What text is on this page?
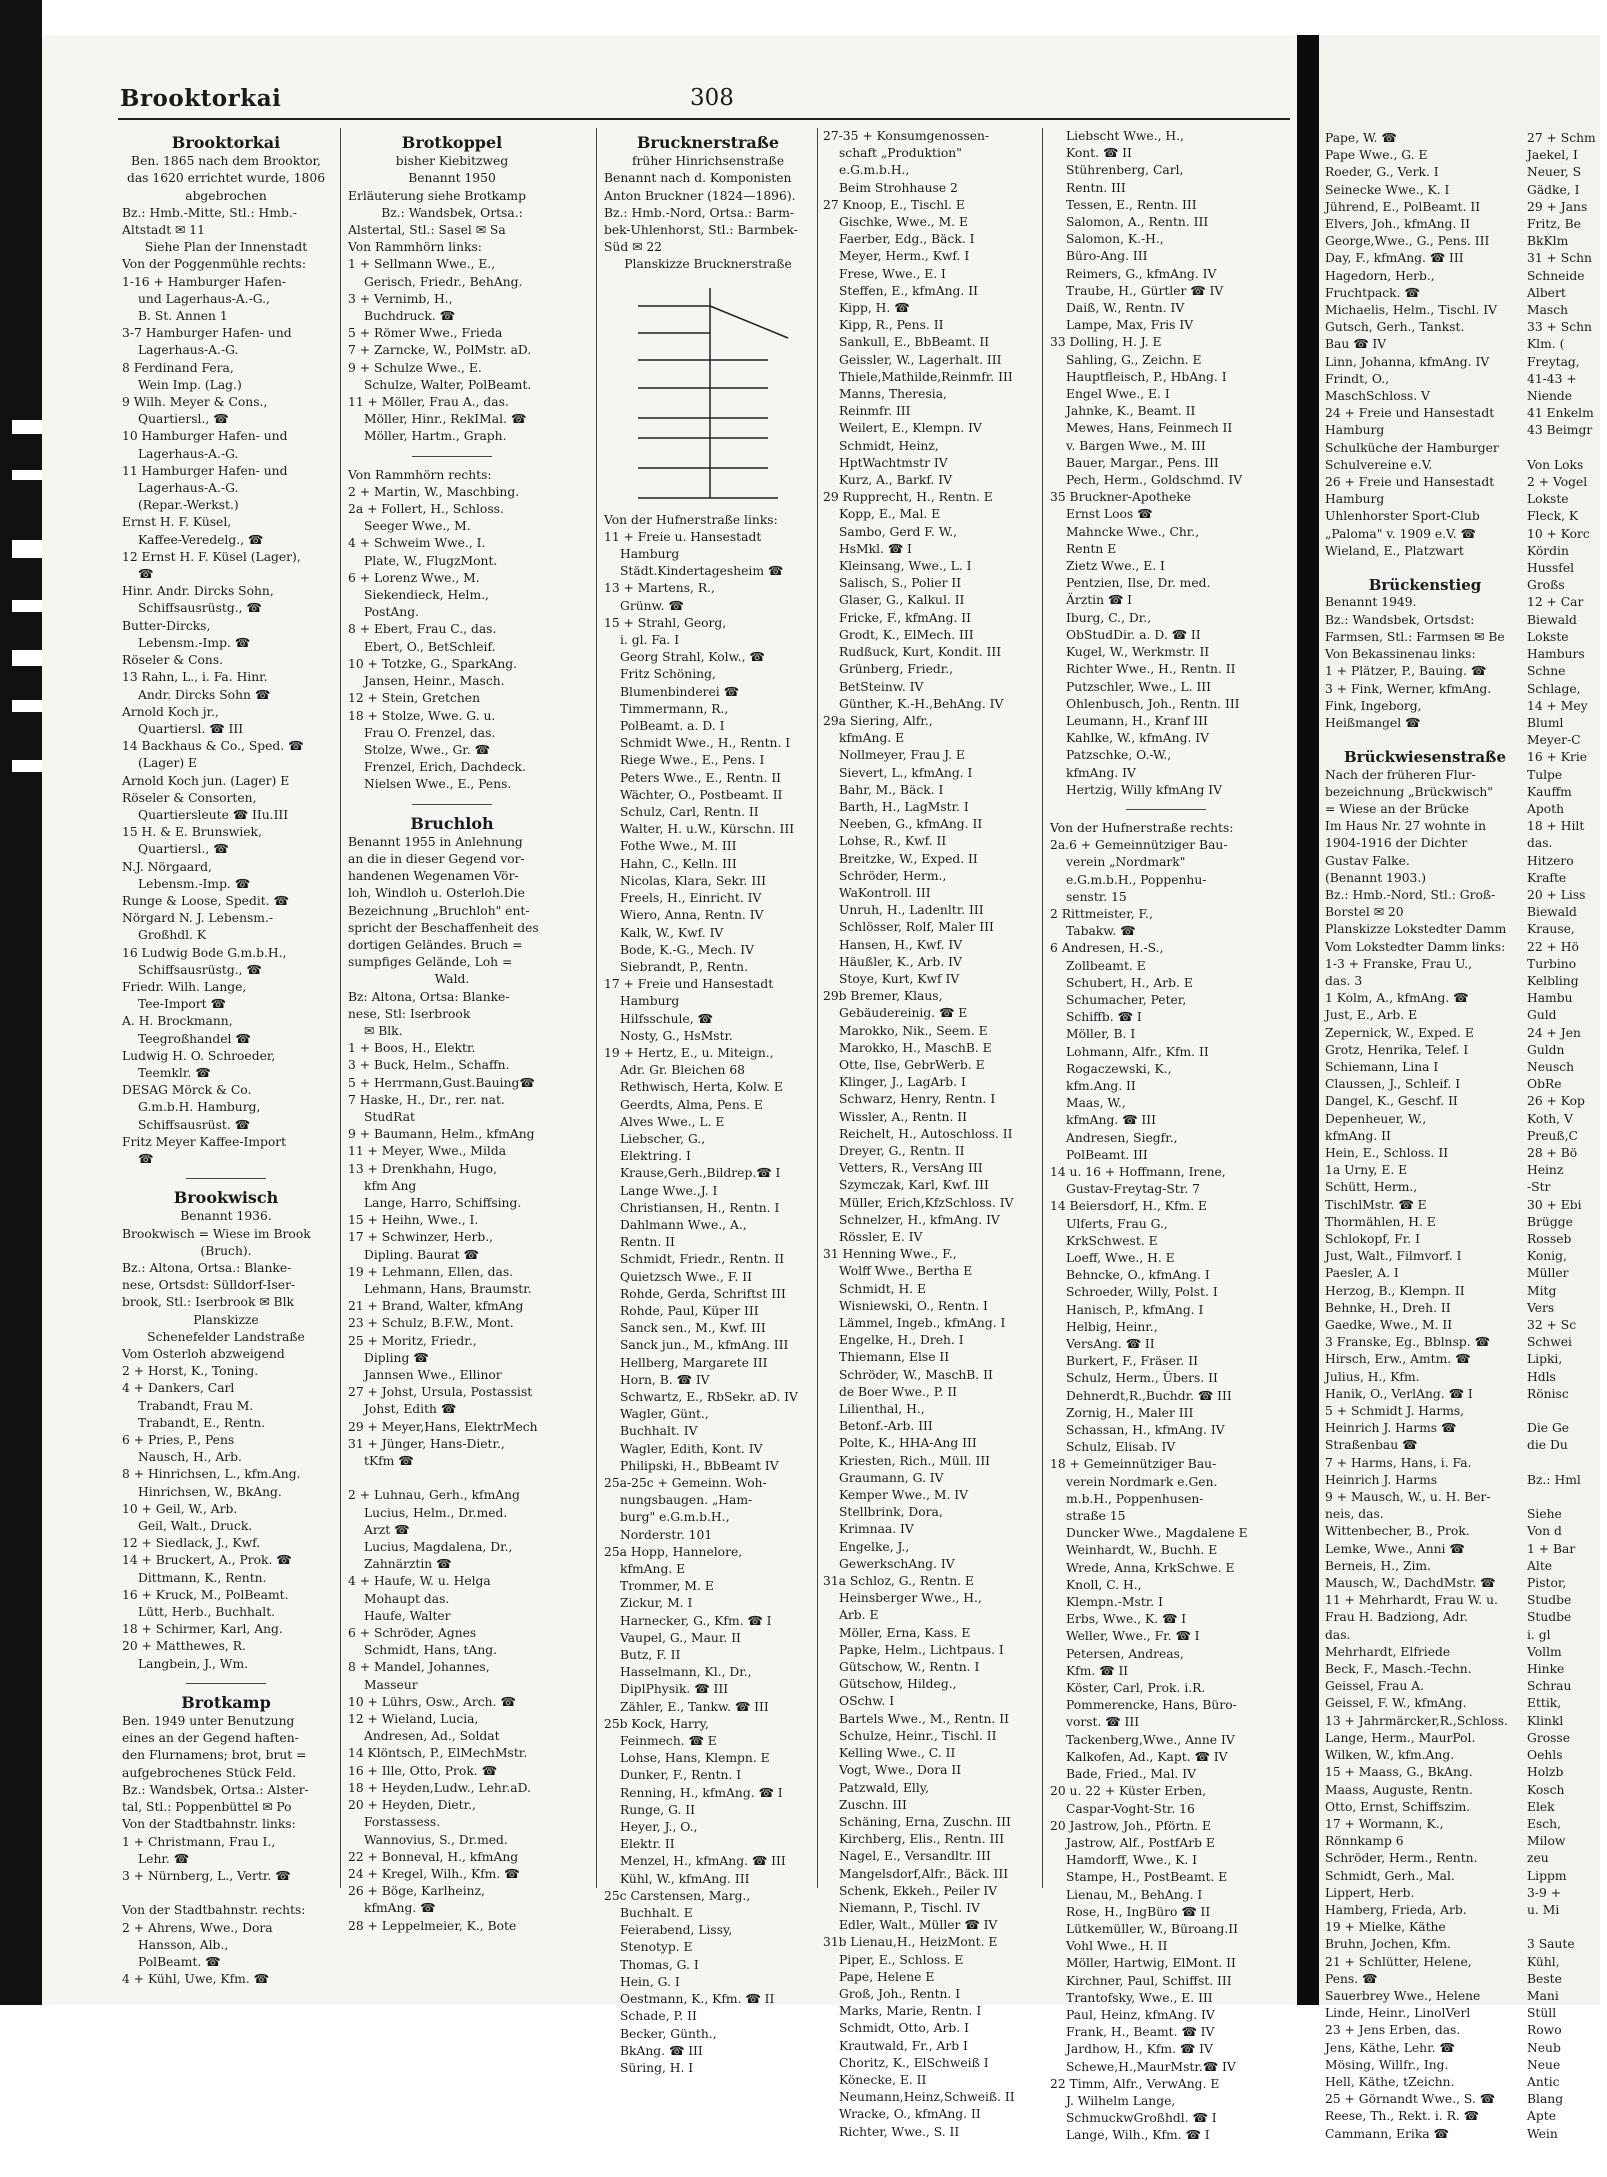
Pape, W. ☎
Pape Wwe., G. E
Roeder, G., Verk. I
Seinecke Wwe., K. I
Jührend, E., PolBeamt. II
Elvers, Joh., kfmAng. II
George,Wwe., G., Pens. III
Day, F., kfmAng. ☎ III
Hagedorn, Herb.,
Fruchtpack. ☎
Michaelis, Helm., Tischl. IV
Gutsch, Gerh., Tankst.
Bau ☎ IV
Linn, Johanna, kfmAng. IV
Frindt, O.,
MaschSchloss. V
24 + Freie und Hansestadt
Hamburg
Schulküche der Hamburger
Schulvereine e.V.
26 + Freie und Hansestadt
Hamburg
Uhlenhorster Sport-Club
„Paloma" v. 1909 e.V. ☎
Wieland, E., Platzwart

Brückenstieg
Benannt 1949.
Bz.: Wandsbek, Ortsdst:
Farmsen, Stl.: Farmsen ✉ Be
Von Bekassinenau links:
1 + Plätzer, P., Bauing. ☎
3 + Fink, Werner, kfmAng.
Fink, Ingeborg,
Heißmangel ☎

Brückwiesenstraße
Nach der früheren Flur-
bezeichnung „Brückwisch"
= Wiese an der Brücke
Im Haus Nr. 27 wohnte in
1904-1916 der Dichter
Gustav Falke.
(Benannt 1903.)
Bz.: Hmb.-Nord, Stl.: Groß-
Borstel ✉ 20
Planskizze Lokstedter Damm
Vom Lokstedter Damm links:
1-3 + Franske, Frau U.,
das. 3
1 Kolm, A., kfmAng. ☎
Just, E., Arb. E
Zepernick, W., Exped. E
Grotz, Henrika, Telef. I
Schiemann, Lina I
Claussen, J., Schleif. I
Dangel, K., Geschf. II
Depenheuer, W.,
kfmAng. II
Hein, E., Schloss. II
1a Urny, E. E
Schütt, Herm.,
TischlMstr. ☎ E
Thormählen, H. E
Schlokopf, Fr. I
Just, Walt., Filmvorf. I
Paesler, A. I
Herzog, B., Klempn. II
Behnke, H., Dreh. II
Gaedke, Wwe., M. II
3 Franske, Eg., Bblnsp. ☎
Hirsch, Erw., Amtm. ☎
Julius, H., Kfm.
Hanik, O., VerlAng. ☎ I
5 + Schmidt J. Harms,
Heinrich J. Harms ☎
Straßenbau ☎
7 + Harms, Hans, i. Fa.
Heinrich J. Harms
9 + Mausch, W., u. H. Ber-
neis, das.
Wittenbecher, B., Prok.
Lemke, Wwe., Anni ☎
Berneis, H., Zim.
Mausch, W., DachdMstr. ☎
11 + Mehrhardt, Frau W. u.
Frau H. Badziong, Adr.
das.
Mehrhardt, Elfriede
Beck, F., Masch.-Techn.
Geissel, Frau A.
Geissel, F. W., kfmAng.
13 + Jahrmärcker,R.,Schloss.
Lange, Herm., MaurPol.
Wilken, W., kfm.Ang.
15 + Maass, G., BkAng.
Maass, Auguste, Rentn.
Otto, Ernst, Schiffszim.
17 + Wormann, K.,
Rönnkamp 6
Schröder, Herm., Rentn.
Schmidt, Gerh., Mal.
Lippert, Herb.
Hamberg, Frieda, Arb.
19 + Mielke, Käthe
Bruhn, Jochen, Kfm.
21 + Schlütter, Helene,
Pens. ☎
Sauerbrey Wwe., Helene
Linde, Heinr., LinolVerl
23 + Jens Erben, das.
Jens, Käthe, Lehr. ☎
Mösing, Willfr., Ing.
Hell, Käthe, tZeichn.
25 + Görnandt Wwe., S. ☎
Reese, Th., Rekt. i. R. ☎
Cammann, Erika ☎
27 + Schm
Jaekel, I
Neuer, S
Gädke, I
29 + Jans
Fritz, Be
BkKlm
31 + Schn
Schneide
Albert
Masch
33 + Schn
Klm. (
Freytag,
41-43 +
Niende
41 Enkelm
43 Beimgr

Von Loks
2 + Vogel
Lokste
Fleck, K
10 + Korc
Kördin
Hussfel
Großs
12 + Car
Biewald
Lokste
Hamburs
Schne
Schlage,
14 + Mey
Bluml
Meyer-C
16 + Krie
Tulpe
Kauffm
Apoth
18 + Hilt
das.
Hitzero
Krafte
20 + Liss
Biewald
Krause,
22 + Hö
Turbino
Kelbling
Hambu
Guld
24 + Jen
Guldn
Neusch
ObRe
26 + Kop
Koth, V
Preuß,C
28 + Bö
Heinz
-Str
30 + Ebi
Brügge
Rosseb
Konig,
Müller
Mitg
Vers
32 + Sc
Schwei
Lipki,
Hdls
Rönisc

Die Ge
die Du

Bz.: Hml

Siehe
Von d
1 + Bar
Alte
Pistor,
Studbe
Studbe
i. gl
Vollm
Hinke
Schrau
Ettik,
Klinkl
Grosse
Oehls
Holzb
Kosch
Elek
Esch,
Milow
zeu
Lippm
3-9 +
u. Mi

3 Saute
Kühl,
Beste
Mani
Stüll
Rowo
Neub
Neue
Antic
Blang
Apte
Wein
Brooktorkai	308
Brooktorkai
Ben. 1865 nach dem Brooktor, das 1620 errichtet wurde, 1806 abgebrochen
Bz.: Hmb.-Mitte, Stl.: Hmb.-
Altstadt ✉ 11
Siehe Plan der Innenstadt
Von der Poggenmühle rechts:
1-16 + Hamburger Hafen-
und Lagerhaus-A.-G.,
B. St. Annen 1
3-7 Hamburger Hafen- und
Lagerhaus-A.-G.
8 Ferdinand Fera,
Wein Imp. (Lag.)
9 Wilh. Meyer & Cons.,
Quartiersl., ☎
10 Hamburger Hafen- und
Lagerhaus-A.-G.
11 Hamburger Hafen- und
Lagerhaus-A.-G.
(Repar.-Werkst.)
Ernst H. F. Küsel,
Kaffee-Veredelg., ☎
12 Ernst H. F. Küsel (Lager),
☎
Hinr. Andr. Dircks Sohn,
Schiffsausrüstg., ☎
Butter-Dircks,
Lebensm.-Imp. ☎
Röseler & Cons.
13 Rahn, L., i. Fa. Hinr.
Andr. Dircks Sohn ☎
Arnold Koch jr.,
Quartiersl. ☎ III
14 Backhaus & Co., Sped. ☎
(Lager) E
Arnold Koch jun. (Lager) E
Röseler & Consorten,
Quartiersleute ☎ IIu.III
15 H. & E. Brunswiek,
Quartiersl., ☎
N.J. Nörgaard,
Lebensm.-Imp. ☎
Runge & Loose, Spedit. ☎
Nörgard N. J. Lebensm.-
Großhdl. K
16 Ludwig Bode G.m.b.H.,
Schiffsausrüstg., ☎
Friedr. Wilh. Lange,
Tee-Import ☎
A. H. Brockmann,
Teegroßhandel ☎
Ludwig H. O. Schroeder,
Teemklr. ☎
DESAG Mörck & Co.
G.m.b.H. Hamburg,
Schiffsausrüst. ☎
Fritz Meyer Kaffee-Import
☎
Brookwisch
Benannt 1936.
Brookwisch = Wiese im Brook
(Bruch).
Bz.: Altona, Ortsa.: Blanke-
nese, Ortsdst: Sülldorf-Iser-
brook, Stl.: Iserbrook ✉ Blk
Planskizze
Schenefelder Landstraße
Vom Osterloh abzweigend
2 + Horst, K., Toning.
4 + Dankers, Carl
Trabandt, Frau M.
Trabandt, E., Rentn.
6 + Pries, P., Pens
Nausch, H., Arb.
8 + Hinrichsen, L., kfm.Ang.
Hinrichsen, W., BkAng.
10 + Geil, W., Arb.
Geil, Walt., Druck.
12 + Siedlack, J., Kwf.
14 + Bruckert, A., Prok. ☎
Dittmann, K., Rentn.
16 + Kruck, M., PolBeamt.
Lütt, Herb., Buchhalt.
18 + Schirmer, Karl, Ang.
20 + Matthewes, R.
Langbein, J., Wm.
Brotkamp
Ben. 1949 unter Benutzung
eines an der Gegend haften-
den Flurnamens; brot, brut =
aufgebrochenes Stück Feld.
Bz.: Wandsbek, Ortsa.: Alster-
tal, Stl.: Poppenbüttel ✉ Po
Von der Stadtbahnstr. links:
1 + Christmann, Frau I.,
Lehr. ☎
3 + Nürnberg, L., Vertr. ☎

Von der Stadtbahnstr. rechts:
2 + Ahrens, Wwe., Dora
Hansson, Alb.,
PolBeamt. ☎
4 + Kühl, Uwe, Kfm. ☎
Brotkoppel
bisher Kiebitzweg
Benannt 1950
Erläuterung siehe Brotkamp
Bz.: Wandsbek, Ortsa.:
Alstertal, Stl.: Sasel ✉ Sa
Von Rammhörn links:
1 + Sellmann Wwe., E.,
Gerisch, Friedr., BehAng.
3 + Vernimb, H.,
Buchdruck. ☎
5 + Römer Wwe., Frieda
7 + Zarncke, W., PolMstr. aD.
9 + Schulze Wwe., E.
Schulze, Walter, PolBeamt.
11 + Möller, Frau A., das.
Möller, Hinr., RekIMal. ☎
Möller, Hartm., Graph.
Von Rammhörn rechts:
2 + Martin, W., Maschbing.
2a + Follert, H., Schloss.
Seeger Wwe., M.
4 + Schweim Wwe., I.
Plate, W., FlugzMont.
6 + Lorenz Wwe., M.
Siekendieck, Helm.,
PostAng.
8 + Ebert, Frau C., das.
Ebert, O., BetSchleif.
10 + Totzke, G., SparkAng.
Jansen, Heinr., Masch.
12 + Stein, Gretchen
18 + Stolze, Wwe. G. u.
Frau O. Frenzel, das.
Stolze, Wwe., Gr. ☎
Frenzel, Erich, Dachdeck.
Nielsen Wwe., E., Pens.
Bruchloh
Benannt 1955 in Anlehnung
an die in dieser Gegend vor-
handenen Wegenamen Vör-
loh, Windloh u. Osterloh.Die
Bezeichnung „Bruchloh" ent-
spricht der Beschaffenheit des
dortigen Geländes. Bruch =
sumpfiges Gelände, Loh =
Wald.
Bz: Altona, Ortsa: Blanke-
nese, Stl: Iserbrook
✉ Blk.
1 + Boos, H., Elektr.
3 + Buck, Helm., Schaffn.
5 + Herrmann,Gust.Bauing☎
7 Haske, H., Dr., rer. nat.
StudRat
9 + Baumann, Helm., kfmAng
11 + Meyer, Wwe., Milda
13 + Drenkhahn, Hugo,
kfm Ang
Lange, Harro, Schiffsing.
15 + Heihn, Wwe., I.
17 + Schwinzer, Herb.,
Dipling. Baurat ☎
19 + Lehmann, Ellen, das.
Lehmann, Hans, Braumstr.
21 + Brand, Walter, kfmAng
23 + Schulz, B.F.W., Mont.
25 + Moritz, Friedr.,
Dipling ☎
Jannsen Wwe., Ellinor
27 + Johst, Ursula, Postassist
Johst, Edith ☎
29 + Meyer,Hans, ElektrMech
31 + Jünger, Hans-Dietr.,
tKfm ☎

2 + Luhnau, Gerh., kfmAng
Lucius, Helm., Dr.med.
Arzt ☎
Lucius, Magdalena, Dr.,
Zahnärztin ☎
4 + Haufe, W. u. Helga
Mohaupt das.
Haufe, Walter
6 + Schröder, Agnes
Schmidt, Hans, tAng.
8 + Mandel, Johannes,
Masseur
10 + Lührs, Osw., Arch. ☎
12 + Wieland, Lucia,
Andresen, Ad., Soldat
14 Klöntsch, P., ElMechMstr.
16 + Ille, Otto, Prok. ☎
18 + Heyden,Ludw., Lehr.aD.
20 + Heyden, Dietr.,
Forstassess.
Wannovius, S., Dr.med.
22 + Bonneval, H., kfmAng
24 + Kregel, Wilh., Kfm. ☎
26 + Böge, Karlheinz,
kfmAng. ☎
28 + Leppelmeier, K., Bote
Brucknerstraße
früher Hinrichsenstraße
Benannt nach d. Komponisten
Anton Bruckner (1824—1896).
Bz.: Hmb.-Nord, Ortsa.: Barm-
bek-Uhlenhorst, Stl.: Barmbek-
Süd ✉ 22
Planskizze Brucknerstraße
Von der Hufnerstraße links:
11 + Freie u. Hansestadt
Hamburg
Städt.Kindertagesheim ☎
13 + Martens, R.,
Grünw. ☎
15 + Strahl, Georg,
i. gl. Fa. I
Georg Strahl, Kolw., ☎
Fritz Schöning,
Blumenbinderei ☎
Timmermann, R.,
PolBeamt. a. D. I
Schmidt Wwe., H., Rentn. I
Riege Wwe., E., Pens. I
Peters Wwe., E., Rentn. II
Wächter, O., Postbeamt. II
Schulz, Carl, Rentn. II
Walter, H. u.W., Kürschn. III
Fothe Wwe., M. III
Hahn, C., Kelln. III
Nicolas, Klara, Sekr. III
Freels, H., Einricht. IV
Wiero, Anna, Rentn. IV
Kalk, W., Kwf. IV
Bode, K.-G., Mech. IV
Siebrandt, P., Rentn.
17 + Freie und Hansestadt
Hamburg
Hilfsschule, ☎
Nosty, G., HsMstr.
19 + Hertz, E., u. Miteign.,
Adr. Gr. Bleichen 68
Rethwisch, Herta, Kolw. E
Geerdts, Alma, Pens. E
Alves Wwe., L. E
Liebscher, G.,
Elektring. I
Krause,Gerh.,Bildrep.☎ I
Lange Wwe.,J. I
Christiansen, H., Rentn. I
Dahlmann Wwe., A.,
Rentn. II
Schmidt, Friedr., Rentn. II
Quietzsch Wwe., F. II
Rohde, Gerda, Schriftst III
Rohde, Paul, Küper III
Sanck sen., M., Kwf. III
Sanck jun., M., kfmAng. III
Hellberg, Margarete III
Horn, B. ☎ IV
Schwartz, E., RbSekr. aD. IV
Wagler, Günt.,
Buchhalt. IV
Wagler, Edith, Kont. IV
Philipski, H., BbBeamt IV
25a-25c + Gemeinn. Woh-
nungsbaugen. „Ham-
burg" e.G.m.b.H.,
Norderstr. 101
25a Hopp, Hannelore,
kfmAng. E
Trommer, M. E
Zickur, M. I
Harnecker, G., Kfm. ☎ I
Vaupel, G., Maur. II
Butz, F. II
Hasselmann, Kl., Dr.,
DiplPhysik. ☎ III
Zähler, E., Tankw. ☎ III
25b Kock, Harry,
Feinmech. ☎ E
Lohse, Hans, Klempn. E
Dunker, F., Rentn. I
Renning, H., kfmAng. ☎ I
Runge, G. II
Heyer, J., O.,
Elektr. II
Menzel, H., kfmAng. ☎ III
Kühl, W., kfmAng. III
25c Carstensen, Marg.,
Buchhalt. E
Feierabend, Lissy,
Stenotyp. E
Thomas, G. I
Hein, G. I
Oestmann, K., Kfm. ☎ II
Schade, P. II
Becker, Günth.,
BkAng. ☎ III
Süring, H. I
27-35 + Konsumgenossen-
schaft „Produktion"
e.G.m.b.H.,
Beim Strohhause 2
27 Knoop, E., Tischl. E
Gischke, Wwe., M. E
Faerber, Edg., Bäck. I
Meyer, Herm., Kwf. I
Frese, Wwe., E. I
Steffen, E., kfmAng. II
Kipp, H. ☎
Kipp, R., Pens. II
Sankull, E., BbBeamt. II
Geissler, W., Lagerhalt. III
Thiele,Mathilde,Reinmfr. III
Manns, Theresia,
Reinmfr. III
Weilert, E., Klempn. IV
Schmidt, Heinz,
HptWachtmstr IV
Kurz, A., Barkf. IV
29 Rupprecht, H., Rentn. E
Kopp, E., Mal. E
Sambo, Gerd F. W.,
HsMkl. ☎ I
Kleinsang, Wwe., L. I
Salisch, S., Polier II
Glaser, G., Kalkul. II
Fricke, F., kfmAng. II
Grodt, K., ElMech. III
Rudßuck, Kurt, Kondit. III
Grünberg, Friedr.,
BetSteinw. IV
Günther, K.-H.,BehAng. IV
29a Siering, Alfr.,
kfmAng. E
Nollmeyer, Frau J. E
Sievert, L., kfmAng. I
Bahr, M., Bäck. I
Barth, H., LagMstr. I
Neeben, G., kfmAng. II
Lohse, R., Kwf. II
Breitzke, W., Exped. II
Schröder, Herm.,
WaKontroll. III
Unruh, H., Ladenltr. III
Schlösser, Rolf, Maler III
Hansen, H., Kwf. IV
Häußler, K., Arb. IV
Stoye, Kurt, Kwf IV
29b Bremer, Klaus,
Gebäudereinig. ☎ E
Marokko, Nik., Seem. E
Marokko, H., MaschB. E
Otte, Ilse, GebrWerb. E
Klinger, J., LagArb. I
Schwarz, Henry, Rentn. I
Wissler, A., Rentn. II
Reichelt, H., Autoschloss. II
Dreyer, G., Rentn. II
Vetters, R., VersAng III
Szymczak, Karl, Kwf. III
Müller, Erich,KfzSchloss. IV
Schnelzer, H., kfmAng. IV
Rössler, E. IV
31 Henning Wwe., F.,
Wolff Wwe., Bertha E
Schmidt, H. E
Wisniewski, O., Rentn. I
Lämmel, Ingeb., kfmAng. I
Engelke, H., Dreh. I
Thiemann, Else II
Schröder, W., MaschB. II
de Boer Wwe., P. II
Lilienthal, H.,
Betonf.-Arb. III
Polte, K., HHA-Ang III
Kriesten, Rich., Müll. III
Graumann, G. IV
Kemper Wwe., M. IV
Stellbrink, Dora,
Krimnaa. IV
Engelke, J.,
GewerkschAng. IV
31a Schloz, G., Rentn. E
Heinsberger Wwe., H.,
Arb. E
Möller, Erna, Kass. E
Papke, Helm., Lichtpaus. I
Gütschow, W., Rentn. I
Gütschow, Hildeg.,
OSchw. I
Bartels Wwe., M., Rentn. II
Schulze, Heinr., Tischl. II
Kelling Wwe., C. II
Vogt, Wwe., Dora II
Patzwald, Elly,
Zuschn. III
Schäning, Erna, Zuschn. III
Kirchberg, Elis., Rentn. III
Nagel, E., Versandltr. III
Mangelsdorf,Alfr., Bäck. III
Schenk, Ekkeh., Peiler IV
Niemann, P., Tischl. IV
Edler, Walt., Müller ☎ IV
31b Lienau,H., HeizMont. E
Piper, E., Schloss. E
Pape, Helene E
Groß, Joh., Rentn. I
Marks, Marie, Rentn. I
Schmidt, Otto, Arb. I
Krautwald, Fr., Arb I
Choritz, K., ElSchweiß I
Könecke, E. II
Neumann,Heinz,Schweiß. II
Wracke, O., kfmAng. II
Richter, Wwe., S. II
Liebscht Wwe., H.,
Kont. ☎ II
Stührenberg, Carl,
Rentn. III
Tessen, E., Rentn. III
Salomon, A., Rentn. III
Salomon, K.-H.,
Büro-Ang. III
Reimers, G., kfmAng. IV
Traube, H., Gürtler ☎ IV
Daiß, W., Rentn. IV
Lampe, Max, Fris IV
33 Dolling, H. J. E
Sahling, G., Zeichn. E
Hauptfleisch, P., HbAng. I
Engel Wwe., E. I
Jahnke, K., Beamt. II
Mewes, Hans, Feinmech II
v. Bargen Wwe., M. III
Bauer, Margar., Pens. III
Pech, Herm., Goldschmd. IV
35 Bruckner-Apotheke
Ernst Loos ☎
Mahncke Wwe., Chr.,
Rentn E
Zietz Wwe., E. I
Pentzien, Ilse, Dr. med.
Ärztin ☎ I
Iburg, C., Dr.,
ObStudDir. a. D. ☎ II
Kugel, W., Werkmstr. II
Richter Wwe., H., Rentn. II
Putzschler, Wwe., L. III
Ohlenbusch, Joh., Rentn. III
Leumann, H., Kranf III
Kahlke, W., kfmAng. IV
Patzschke, O.-W.,
kfmAng. IV
Hertzig, Willy kfmAng IV
Von der Hufnerstraße rechts:
2a.6 + Gemeinnütziger Bau-
verein „Nordmark"
e.G.m.b.H., Poppenhu-
senstr. 15
2 Rittmeister, F.,
Tabakw. ☎
6 Andresen, H.-S.,
Zollbeamt. E
Schubert, H., Arb. E
Schumacher, Peter,
Schiffb. ☎ I
Möller, B. I
Lohmann, Alfr., Kfm. II
Rogaczewski, K.,
kfm.Ang. II
Maas, W.,
kfmAng. ☎ III
Andresen, Siegfr.,
PolBeamt. III
14 u. 16 + Hoffmann, Irene,
Gustav-Freytag-Str. 7
14 Beiersdorf, H., Kfm. E
Ulferts, Frau G.,
KrkSchwest. E
Loeff, Wwe., H. E
Behncke, O., kfmAng. I
Schroeder, Willy, Polst. I
Hanisch, P., kfmAng. I
Helbig, Heinr.,
VersAng. ☎ II
Burkert, F., Fräser. II
Schulz, Herm., Übers. II
Dehnerdt,R.,Buchdr. ☎ III
Zornig, H., Maler III
Schassan, H., kfmAng. IV
Schulz, Elisab. IV
18 + Gemeinnütziger Bau-
verein Nordmark e.Gen.
m.b.H., Poppenhusen-
straße 15
Duncker Wwe., Magdalene E
Weinhardt, W., Buchh. E
Wrede, Anna, KrkSchwe. E
Knoll, C. H.,
Klempn.-Mstr. I
Erbs, Wwe., K. ☎ I
Weller, Wwe., Fr. ☎ I
Petersen, Andreas,
Kfm. ☎ II
Köster, Carl, Prok. i.R.
Pommerencke, Hans, Büro-
vorst. ☎ III
Tackenberg,Wwe., Anne IV
Kalkofen, Ad., Kapt. ☎ IV
Bade, Fried., Mal. IV
20 u. 22 + Küster Erben,
Caspar-Voght-Str. 16
20 Jastrow, Joh., Pförtn. E
Jastrow, Alf., PostfArb E
Hamdorff, Wwe., K. I
Stampe, H., PostBeamt. E
Lienau, M., BehAng. I
Rose, H., IngBüro ☎ II
Lütkemüller, W., Büroang.II
Vohl Wwe., H. II
Möller, Hartwig, ElMont. II
Kirchner, Paul, Schiffst. III
Trantofsky, Wwe., E. III
Paul, Heinz, kfmAng. IV
Frank, H., Beamt. ☎ IV
Jardhow, H., Kfm. ☎ IV
Schewe,H.,MaurMstr.☎ IV
22 Timm, Alfr., VerwAng. E
J. Wilhelm Lange,
SchmuckwGroßhdl. ☎ I
Lange, Wilh., Kfm. ☎ I
